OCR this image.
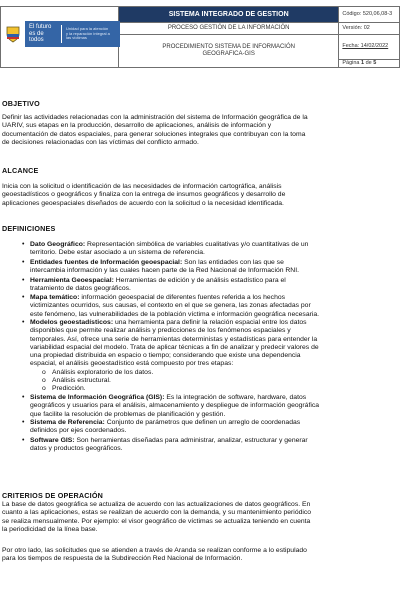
El futuro es de todos
Unidad para la atención y la reparación integral a las víctimas	SISTEMA INTEGRADO DE GESTION	Código: 520,06,08-3

	PROCESO GESTIÓN DE LA INFORMACIÓN	Versión: 02

	PROCEDIMIENTO SISTEMA DE INFORMACIÓN
GEOGRAFICA-GIS	Fecha: 14/02/2022

		Página 1 de 5
OBJETIVO
Definir las actividades relacionadas con la administración del sistema de Información geográfica de la
UARIV, sus etapas en la producción, desarrollo de aplicaciones, análisis de información y
documentación de datos espaciales, para generar soluciones integrales que contribuyan con la toma
de decisiones relacionadas con las víctimas del conflicto armado.
ALCANCE
Inicia con la solicitud o identificación de las necesidades de información cartográfica, análisis
geoestadísticos o geográficos y finaliza con la entrega de insumos geográficos y desarrollo de
aplicaciones geoespaciales diseñados de acuerdo con la solicitud o la necesidad identificada.
DEFINICIONES
• Dato Geográfico: Representación simbólica de variables cualitativas y/o cuantitativas de un
territorio. Debe estar asociado a un sistema de referencia.
• Entidades fuentes de Información geoespacial: Son las entidades con las que se
intercambia información y las cuales hacen parte de la Red Nacional de Información RNI.
• Herramienta Geoespacial: Herramientas de edición y de análisis estadístico para el
tratamiento de datos geográficos.
• Mapa temático: información geoespacial de diferentes fuentes referida a los hechos
victimizantes ocurridos, sus causas, el contexto en el que se genera, las zonas afectadas por
este fenómeno, las vulnerabilidades de la población víctima e información geográfica necesaria.
• Modelos geoestadísticos: una herramienta para definir la relación espacial entre los datos
disponibles que permite realizar análisis y predicciones de los fenómenos espaciales y
temporales. Así, ofrece una serie de herramientas deterministas y estadísticas para entender la
variabilidad espacial del modelo. Trata de aplicar técnicas a fin de analizar y predecir valores de
una propiedad distribuida en espacio o tiempo; considerando que existe una dependencia
espacial, el análisis geoestadístico está compuesto por tres etapas:
o Análisis exploratorio de los datos.
o Análisis estructural.
o Predicción.
• Sistema de Información Geográfica (GIS): Es la integración de software, hardware, datos
geográficos y usuarios para el análisis, almacenamiento y despliegue de información geográfica
que facilite la resolución de problemas de planificación y gestión.
• Sistema de Referencia: Conjunto de parámetros que definen un arreglo de coordenadas
definidos por ejes coordenados.
• Software GIS: Son herramientas diseñadas para administrar, analizar, estructurar y generar
datos y productos geográficos.
CRITERIOS DE OPERACIÓN
La base de datos geográfica se actualiza de acuerdo con las actualizaciones de datos geográficos. En
cuanto a las aplicaciones, estas se realizan de acuerdo con la demanda, y su mantenimiento periódico
se realiza mensualmente. Por ejemplo: el visor geográfico de víctimas se actualiza teniendo en cuenta
la periodicidad de la línea base.
Por otro lado, las solicitudes que se atienden a través de Aranda se realizan conforme a lo estipulado
para los tiempos de respuesta de la Subdirección Red Nacional de Información.
